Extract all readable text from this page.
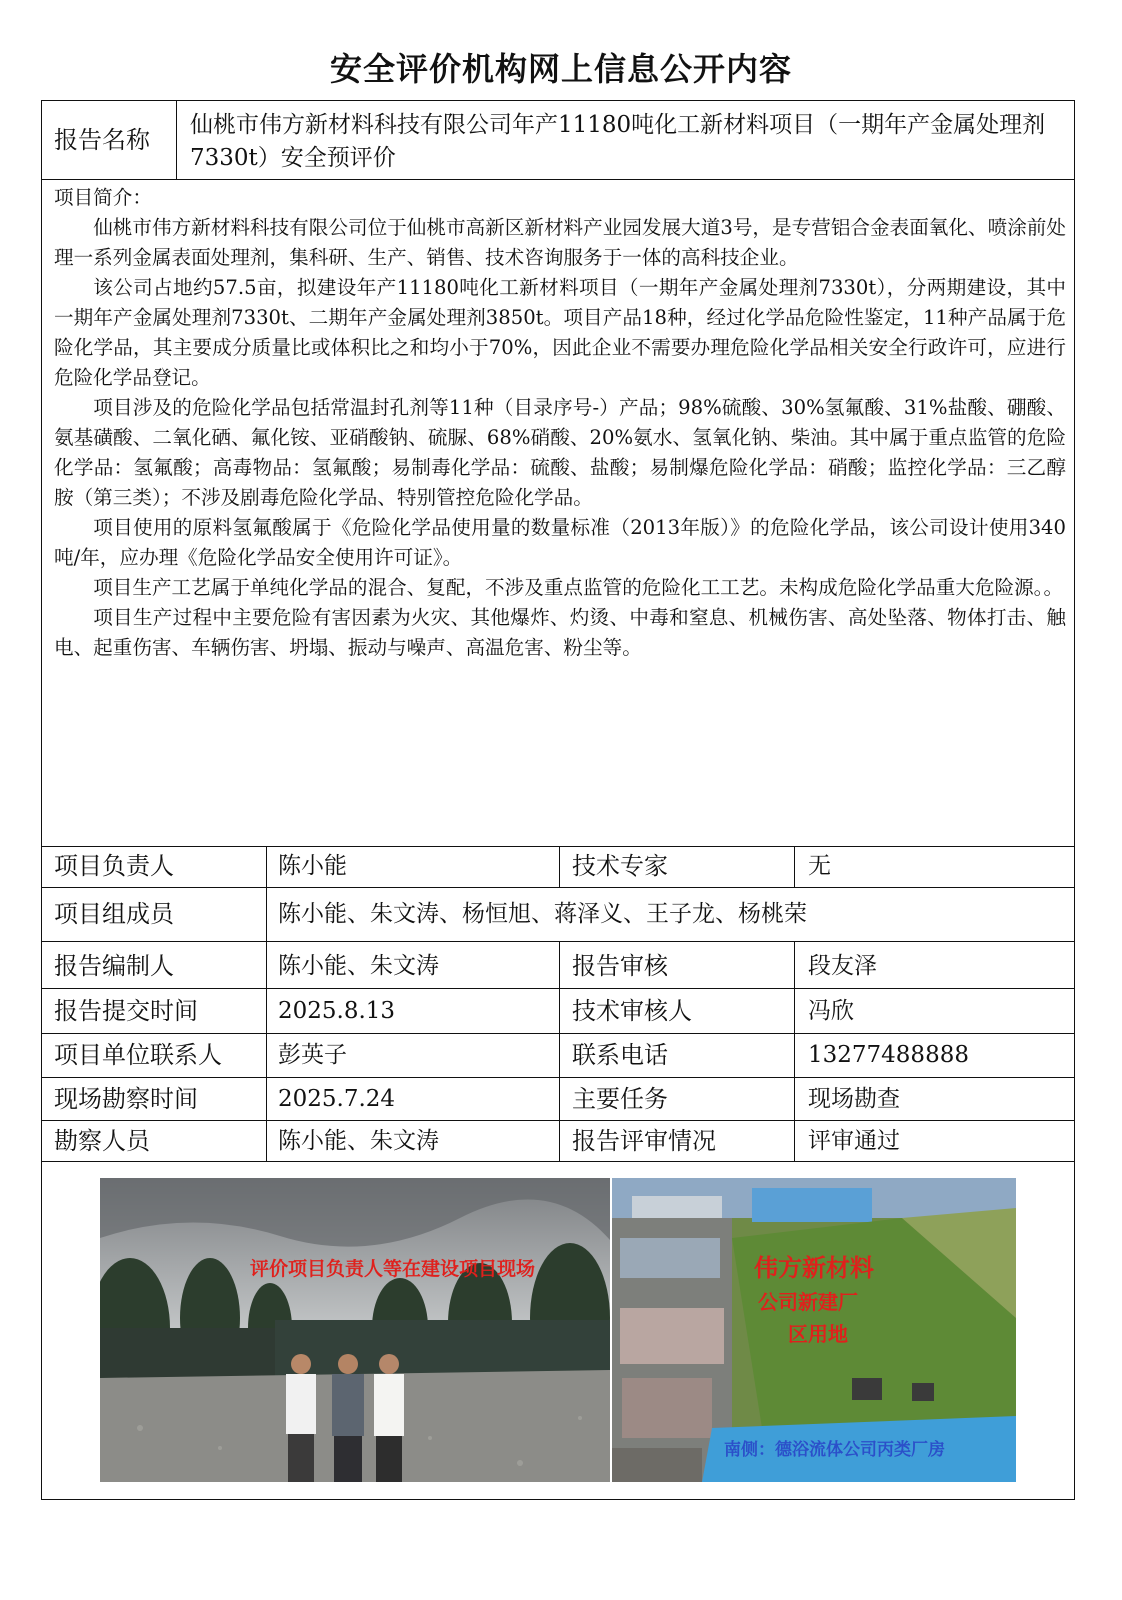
安全评价机构网上信息公开内容
报告名称
仙桃市伟方新材料科技有限公司年产11180吨化工新材料项目（一期年产金属处理剂7330t）安全预评价

项目简介：

仙桃市伟方新材料科技有限公司位于仙桃市高新区新材料产业园发展大道3号，是专营铝合金表面氧化、喷涂前处理一系列金属表面处理剂，集科研、生产、销售、技术咨询服务于一体的高科技企业。

该公司占地约57.5亩，拟建设年产11180吨化工新材料项目（一期年产金属处理剂7330t），分两期建设，其中一期年产金属处理剂7330t、二期年产金属处理剂3850t。项目产品18种，经过化学品危险性鉴定，11种产品属于危险化学品，其主要成分质量比或体积比之和均小于70%，因此企业不需要办理危险化学品相关安全行政许可，应进行危险化学品登记。

项目涉及的危险化学品包括常温封孔剂等11种（目录序号-）产品；98%硫酸、30%氢氟酸、31%盐酸、硼酸、氨基磺酸、二氧化硒、氟化铵、亚硝酸钠、硫脲、68%硝酸、20%氨水、氢氧化钠、柴油。其中属于重点监管的危险化学品：氢氟酸；高毒物品：氢氟酸；易制毒化学品：硫酸、盐酸；易制爆危险化学品：硝酸；监控化学品：三乙醇胺（第三类）；不涉及剧毒危险化学品、特别管控危险化学品。

项目使用的原料氢氟酸属于《危险化学品使用量的数量标准（2013年版）》的危险化学品，该公司设计使用340吨/年，应办理《危险化学品安全使用许可证》。

项目生产工艺属于单纯化学品的混合、复配，不涉及重点监管的危险化工工艺。未构成危险化学品重大危险源。。

项目生产过程中主要危险有害因素为火灾、其他爆炸、灼烫、中毒和窒息、机械伤害、高处坠落、物体打击、触电、起重伤害、车辆伤害、坍塌、振动与噪声、高温危害、粉尘等。

项目负责人	陈小能	技术专家	无
项目组成员	陈小能、朱文涛、杨恒旭、蒋泽义、王子龙、杨桃荣
报告编制人	陈小能、朱文涛	报告审核	段友泽
报告提交时间	2025.8.13	技术审核人	冯欣
项目单位联系人 彭英子	联系电话	13277488888
现场勘察时间	2025.7.24	主要任务	现场勘查
勘察人员	陈小能、朱文涛	报告评审情况	评审通过
评价项目负责人等在建设项目现场	伟方新材料
公司新建厂
区用地
南侧：德浴流体公司丙类厂房
